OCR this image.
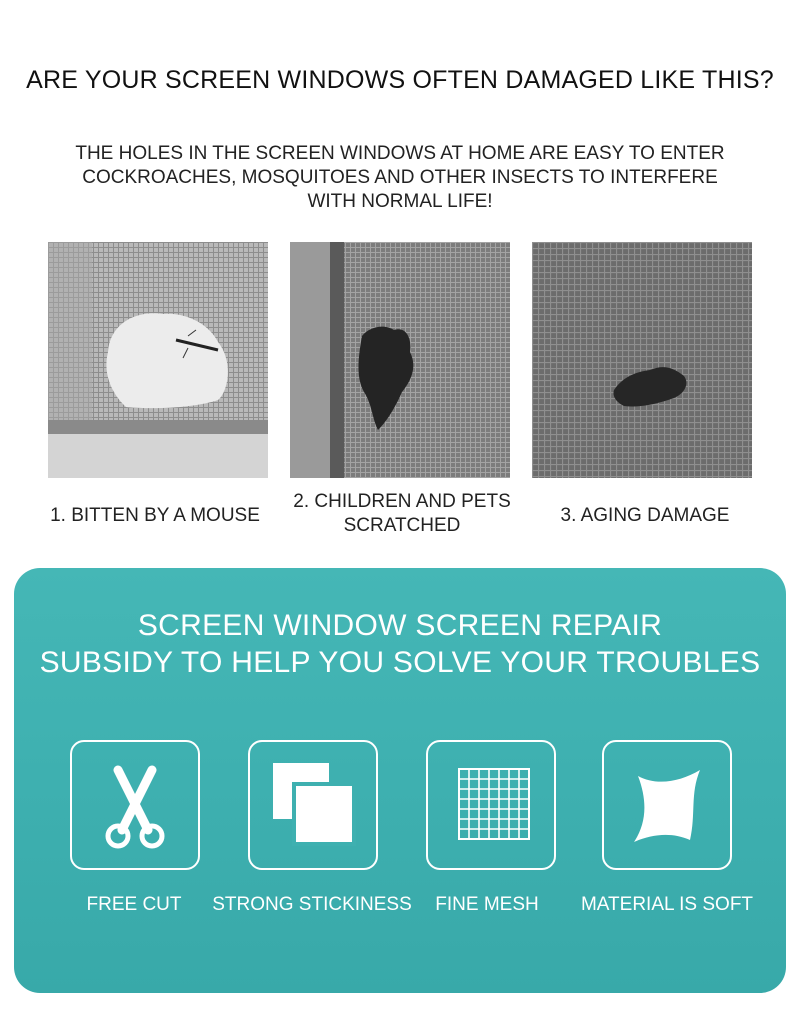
ARE YOUR SCREEN WINDOWS OFTEN DAMAGED LIKE THIS?
THE HOLES IN THE SCREEN WINDOWS AT HOME ARE EASY TO ENTER COCKROACHES, MOSQUITOES AND OTHER INSECTS TO INTERFERE WITH NORMAL LIFE!
1. BITTEN BY A MOUSE
2. CHILDREN AND PETS SCRATCHED	3. AGING DAMAGE
SCREEN WINDOW SCREEN REPAIR
SUBSIDY TO HELP YOU SOLVE YOUR TROUBLES
FREE CUT	STRONG STICKINESS	FINE MESH	MATERIAL IS SOFT
